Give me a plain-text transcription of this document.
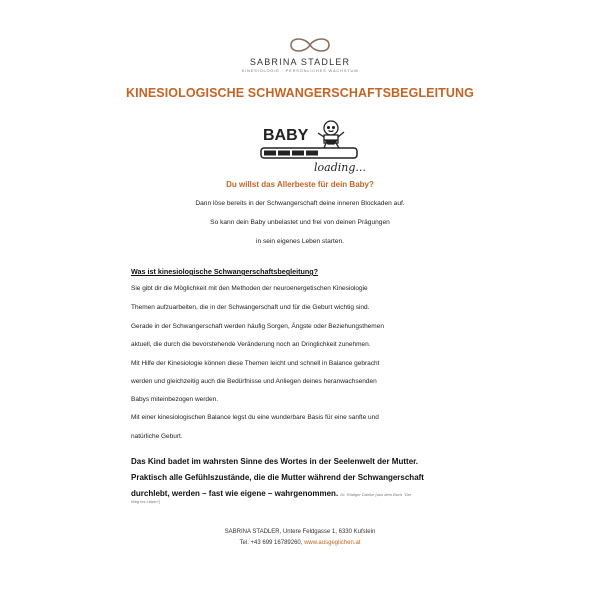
SABRINA STADLER
KINESIOLOGIE · PERSÖNLICHES WACHSTUM
KINESIOLOGISCHE SCHWANGERSCHAFTSBEGLEITUNG
BABY
loading...
Du willst das Allerbeste für dein Baby?
Dann löse bereits in der Schwangerschaft deine inneren Blockaden auf.
So kann dein Baby unbelastet und frei von deinen Prägungen
in sein eigenes Leben starten.
Was ist kinesiologische Schwangerschaftsbegleitung?
Sie gibt dir die Möglichkeit mit den Methoden der neuroenergetischen Kinesiologie
Themen aufzuarbeiten, die in der Schwangerschaft und für die Geburt wichtig sind.
Gerade in der Schwangerschaft werden häufig Sorgen, Ängste oder Beziehungsthemen
aktuell, die durch die bevorstehende Veränderung noch an Dringlichkeit zunehmen.
Mit Hilfe der Kinesiologie können diese Themen leicht und schnell in Balance gebracht
werden und gleichzeitig auch die Bedürfnisse und Anliegen deines heranwachsenden
Babys miteinbezogen werden.
Mit einer kinesiologischen Balance legst du eine wunderbare Basis für eine sanfte und
natürliche Geburt.
Das Kind badet im wahrsten Sinne des Wortes in der Seelenwelt der Mutter.
Praktisch alle Gefühlszustände, die die Mutter während der Schwangerschaft
durchlebt, werden – fast wie eigene – wahrgenommen. Dr. Rüdiger Dahlke (aus dem Buch "Der
Weg ins Leben")
SABRINA STADLER, Untere Feldgasse 1, 6330 Kufstein
Tel. +43 699 16789260, www.ausgeglichen.at
